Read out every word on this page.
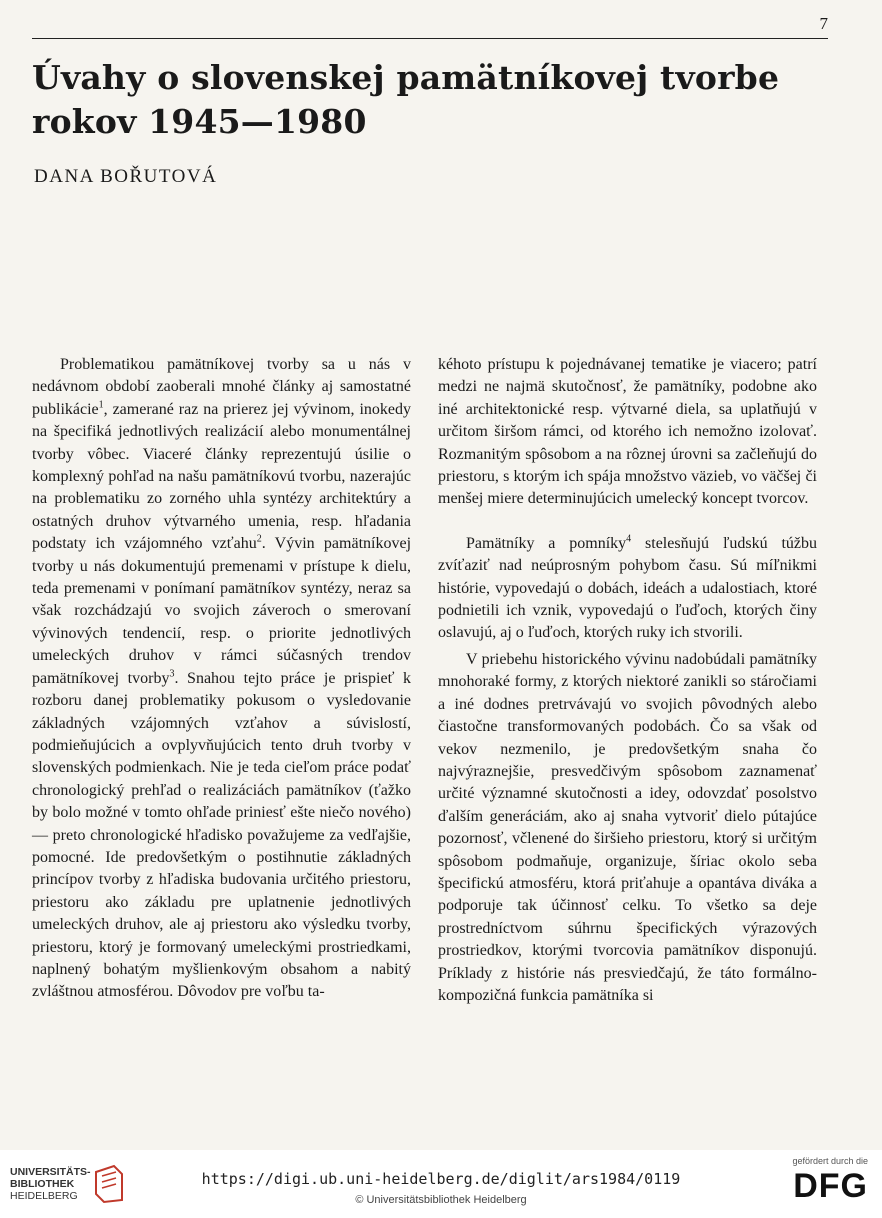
7
Úvahy o slovenskej pamätníkovej tvorbe rokov 1945—1980
DANA BOŘUTOVÁ

Problematikou pamätníkovej tvorby sa u nás v nedávnom období zaoberali mnohé články aj samostatné publikácie$^1$, zamerané raz na prierez jej vývinom, inokedy na špecifiká jednotlivých realizácií alebo monumentálnej tvorby vôbec. Viaceré články reprezentujú úsilie o komplexný pohľad na našu pamätníkovú tvorbu, nazerajúc na problematiku zo zorného uhla syntézy architektúry a ostatných druhov výtvarného umenia, resp. hľadania podstaty ich vzájomného vzťahu$^2$. Vývin pamätníkovej tvorby u nás dokumentujú premenami v prístupe k dielu, teda premenami v ponímaní pamätníkov syntézy, neraz sa však rozchádzajú vo svojich záveroch o smerovaní vývinových tendencií, resp. o priorite jednotlivých umeleckých druhov v rámci súčasných trendov pamätníkovej tvorby$^3$. Snahou tejto práce je prispieť k rozboru danej problematiky pokusom o vysledovanie základných vzájomných vzťahov a súvislostí, podmieňujúcich a ovplyvňujúcich tento druh tvorby v slovenských podmienkach. Nie je teda cieľom práce podať chronologický prehľad o realizáciách pamätníkov (ťažko by bolo možné v tomto ohľade priniesť ešte niečo nového) — preto chronologické hľadisko považujeme za vedľajšie, pomocné. Ide predovšetkým o postihnutie základných princípov tvorby z hľadiska budovania určitého priestoru, priestoru ako základu pre uplatnenie jednotlivých umeleckých druhov, ale aj priestoru ako výsledku tvorby, priestoru, ktorý je formovaný umeleckými prostriedkami, naplnený bohatým myšlienkovým obsahom a nabitý zvláštnou atmosférou. Dôvodov pre voľbu ta-

kéhoto prístupu k pojednávanej tematike je viacero; patrí medzi ne najmä skutočnosť, že pamätníky, podobne ako iné architektonické resp. výtvarné diela, sa uplatňujú v určitom širšom rámci, od ktorého ich nemožno izolovať. Rozmanitým spôsobom a na rôznej úrovni sa začleňujú do priestoru, s ktorým ich spája množstvo väzieb, vo väčšej či menšej miere determinujúcich umelecký koncept tvorcov.

Pamätníky a pomníky$^4$ stelesňujú ľudskú túžbu zvíťaziť nad neúprosným pohybom času. Sú míľnikmi histórie, vypovedajú o dobách, ideách a udalostiach, ktoré podnietili ich vznik, vypovedajú o ľuďoch, ktorých činy oslavujú, aj o ľuďoch, ktorých ruky ich stvorili.

V priebehu historického vývinu nadobúdali pamätníky mnohoraké formy, z ktorých niektoré zanikli so stáročiami a iné dodnes pretrvávajú vo svojich pôvodných alebo čiastočne transformovaných podobách. Čo sa však od vekov nezmenilo, je predovšetkým snaha čo najvýraznejšie, presvedčivým spôsobom zaznamenať určité významné skutočnosti a idey, odovzdať posolstvo ďalším generáciám, ako aj snaha vytvoriť dielo pútajúce pozornosť, včlenené do širšieho priestoru, ktorý si určitým spôsobom podmaňuje, organizuje, šíriac okolo seba špecifickú atmosféru, ktorá priťahuje a opantáva diváka a podporuje tak účinnosť celku. To všetko sa deje prostredníctvom súhrnu špecifických výrazových prostriedkov, ktorými tvorcovia pamätníkov disponujú. Príklady z histórie nás presviedčajú, že táto formálno-kompozičná funkcia pamätníka si

UNIVERSITÄTS-
BIBLIOTHEK
HEIDELBERG
https://digi.ub.uni-heidelberg.de/diglit/ars1984/0119
© Universitätsbibliothek Heidelberg
gefördert durch die
DFG
